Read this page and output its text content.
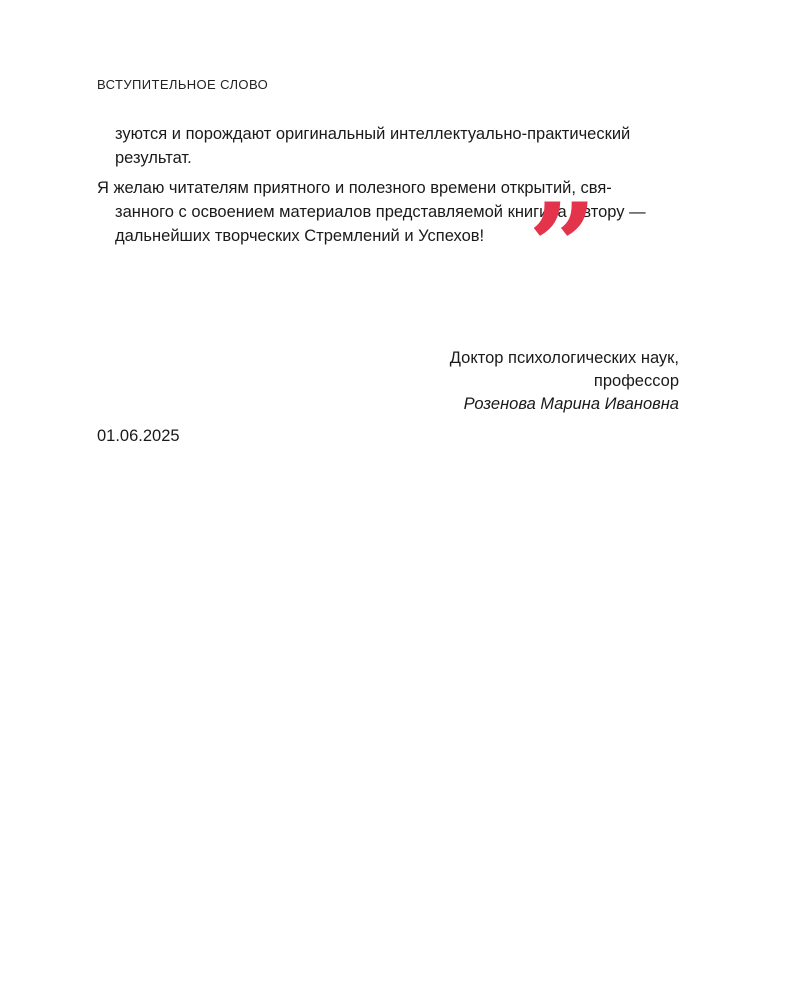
ВСТУПИТЕЛЬНОЕ СЛОВО
зуются и порождают оригинальный интеллектуально-практический
результат.
Я желаю читателям приятного и полезного времени открытий, свя-
занного с освоением материалов представляемой книги, а Автору —
дальнейших творческих Стремлений и Успехов! ”
Доктор психологических наук,
профессор
Розенова Марина Ивановна
01.06.2025
